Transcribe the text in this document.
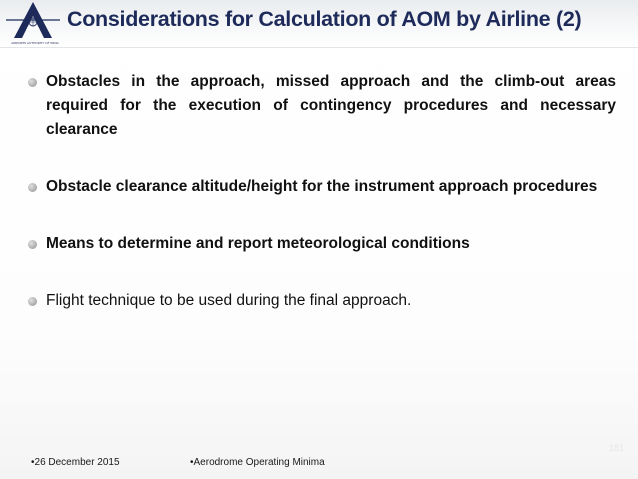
AIRPORTS AUTHORITY OF INDIA
Considerations for Calculation of AOM by Airline (2)
Obstacles in the approach, missed approach and the climb-out areas required for the execution of contingency procedures and necessary clearance
Obstacle clearance altitude/height for the instrument approach procedures
Means to determine and report meteorological conditions
Flight technique to be used during the final approach.
•26 December 2015	•Aerodrome Operating Minima
181
